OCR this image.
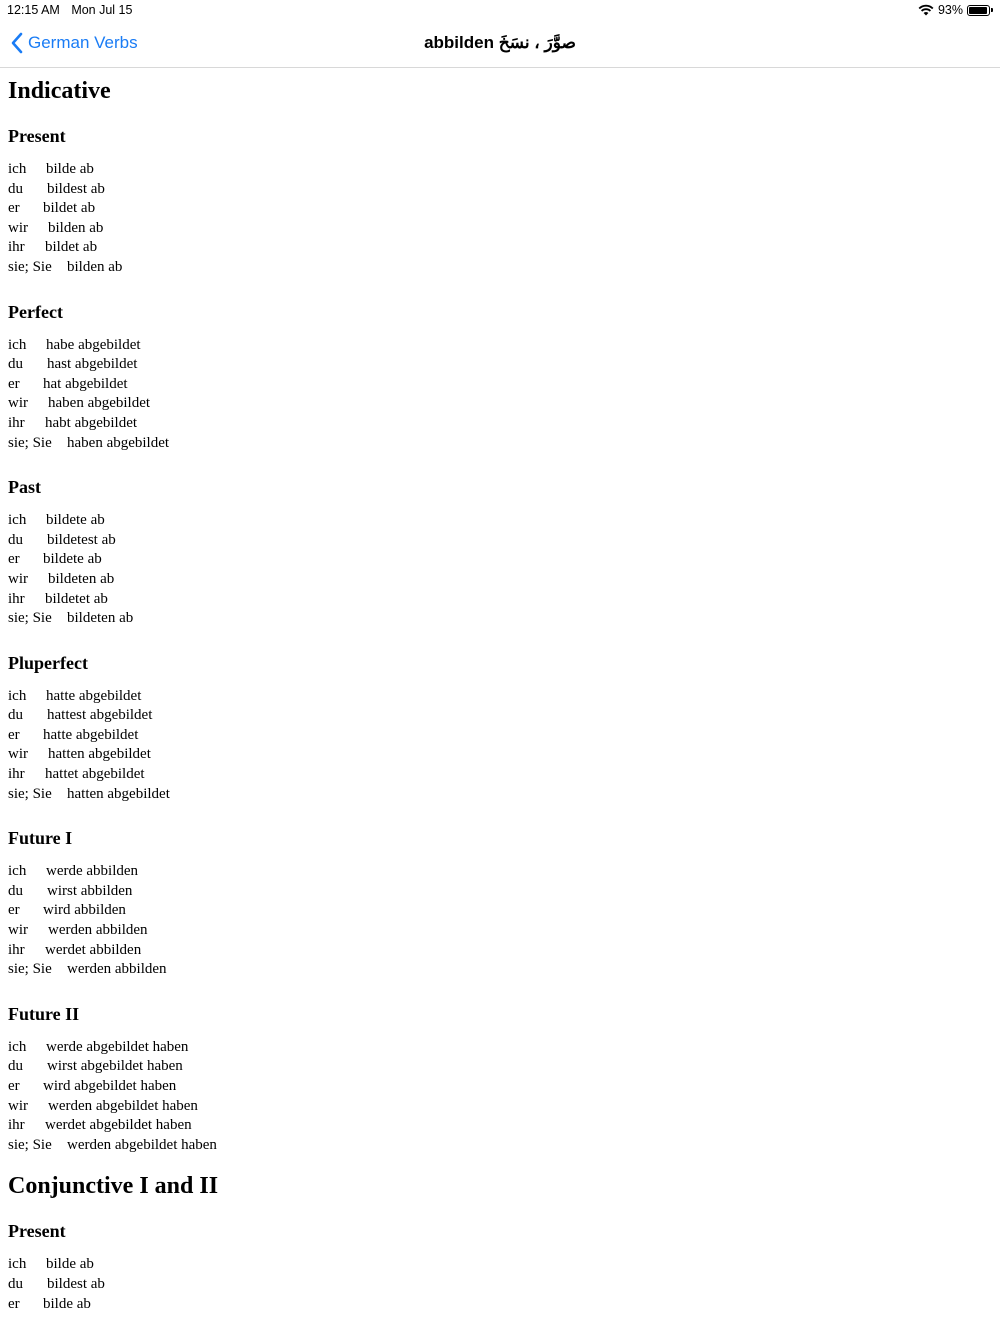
12:15 AM Mon Jul 15	93%
German Verbs	abbilden صوَّرَ ، نسَخَ
Indicative
Present
ich bilde ab
du bildest ab
er bildet ab
wir bilden ab
ihr bildet ab
sie; Sie bilden ab
Perfect
ich habe abgebildet
du hast abgebildet
er hat abgebildet
wir haben abgebildet
ihr habt abgebildet
sie; Sie haben abgebildet
Past
ich bildete ab
du bildetest ab
er bildete ab
wir bildeten ab
ihr bildetet ab
sie; Sie bildeten ab
Pluperfect
ich hatte abgebildet
du hattest abgebildet
er hatte abgebildet
wir hatten abgebildet
ihr hattet abgebildet
sie; Sie hatten abgebildet
Future I
ich werde abbilden
du wirst abbilden
er wird abbilden
wir werden abbilden
ihr werdet abbilden
sie; Sie werden abbilden
Future II
ich werde abgebildet haben
du wirst abgebildet haben
er wird abgebildet haben
wir werden abgebildet haben
ihr werdet abgebildet haben
sie; Sie werden abgebildet haben
Conjunctive I and II
Present
ich bilde ab
du bildest ab
er bilde ab
